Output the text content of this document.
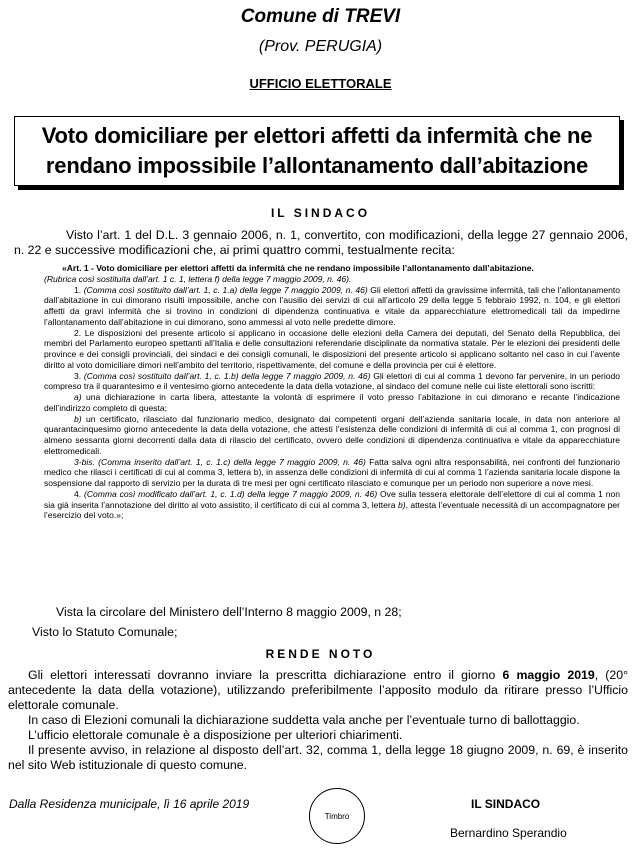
Comune di TREVI
(Prov. PERUGIA)
UFFICIO ELETTORALE
Voto domiciliare per elettori affetti da infermità che ne
rendano impossibile l’allontanamento dall’abitazione
IL SINDACO
Visto l’art. 1 del D.L. 3 gennaio 2006, n. 1, convertito, con modificazioni, della legge 27 gennaio 2006, n. 22 e successive modificazioni che, ai primi quattro commi, testualmente recita:

«Art. 1 - Voto domiciliare per elettori affetti da infermità che ne rendano impossibile l’allontanamento dall’abitazione.

(Rubrica così sostituita dall’art. 1 c. 1, lettera f) della legge 7 maggio 2009, n. 46).

1. (Comma così sostituito dall’art. 1, c. 1.a) della legge 7 maggio 2009, n. 46) Gli elettori affetti da gravissime infermità, tali che l’allontanamento dall’abitazione in cui dimorano risulti impossibile, anche con l’ausilio dei servizi di cui all’articolo 29 della legge 5 febbraio 1992, n. 104, e gli elettori affetti da gravi infermità che si trovino in condizioni di dipendenza continuativa e vitale da apparecchiature elettromedicali tali da impedirne l’allontanamento dall’abitazione in cui dimorano, sono ammessi al voto nelle predette dimore.

2. Le disposizioni del presente articolo si applicano in occasione delle elezioni della Camera dei deputati, del Senato della Repubblica, dei membri del Parlamento europeo spettanti all’Italia e delle consultazioni referendarie disciplinate da normativa statale. Per le elezioni dei presidenti delle province e dei consigli provinciali, dei sindaci e dei consigli comunali, le disposizioni del presente articolo si applicano soltanto nel caso in cui l’avente diritto al voto domiciliare dimori nell’ambito del territorio, rispettivamente, del comune e della provincia per cui è elettore.

3. (Comma così sostituito dall’art. 1, c. 1.b) della legge 7 maggio 2009, n. 46) Gli elettori di cui al comma 1 devono far pervenire, in un periodo compreso tra il quarantesimo e il ventesimo giorno antecedente la data della votazione, al sindaco del comune nelle cui liste elettorali sono iscritti:

a) una dichiarazione in carta libera, attestante la volontà di esprimere il voto presso l’abitazione in cui dimorano e recante l’indicazione dell’indirizzo completo di questa;

b) un certificato, rilasciato dal funzionario medico, designato dai competenti organi dell’azienda sanitaria locale, in data non anteriore al quarantacinquesimo giorno antecedente la data della votazione, che attesti l’esistenza delle condizioni di infermità di cui al comma 1, con prognosi di almeno sessanta giorni decorrenti dalla data di rilascio del certificato, ovvero delle condizioni di dipendenza continuativa e vitale da apparecchiature elettromedicali.

3-bis. (Comma inserito dall’art. 1, c. 1.c) della legge 7 maggio 2009, n. 46) Fatta salva ogni altra responsabilità, nei confronti del funzionario medico che rilasci i certificati di cui al comma 3, lettera b), in assenza delle condizioni di infermità di cui al comma 1 l’azienda sanitaria locale dispone la sospensione dal rapporto di servizio per la durata di tre mesi per ogni certificato rilasciato e comunque per un periodo non superiore a nove mesi.

4. (Comma così modificato dall’art. 1, c. 1.d) della legge 7 maggio 2009, n. 46) Ove sulla tessera elettorale dell’elettore di cui al comma 1 non sia già inserita l’annotazione del diritto al voto assistito, il certificato di cui al comma 3, lettera b), attesta l’eventuale necessità di un accompagnatore per l’esercizio del voto.»;

Vista la circolare del Ministero dell’Interno 8 maggio 2009, n 28;
Visto lo Statuto Comunale;
RENDE NOTO

Gli elettori interessati dovranno inviare la prescritta dichiarazione entro il giorno 6 maggio 2019, (20° antecedente la data della votazione), utilizzando preferibilmente l’apposito modulo da ritirare presso l’Ufficio elettorale comunale.

In caso di Elezioni comunali la dichiarazione suddetta vala anche per l’eventuale turno di ballottaggio.

L’ufficio elettorale comunale è a disposizione per ulteriori chiarimenti.

Il presente avviso, in relazione al disposto dell’art. 32, comma 1, della legge 18 giugno 2009, n. 69, è inserito nel sito Web istituzionale di questo comune.

Dalla Residenza municipale, lì 16 aprile 2019
Timbro
IL SINDACO
Bernardino Sperandio
